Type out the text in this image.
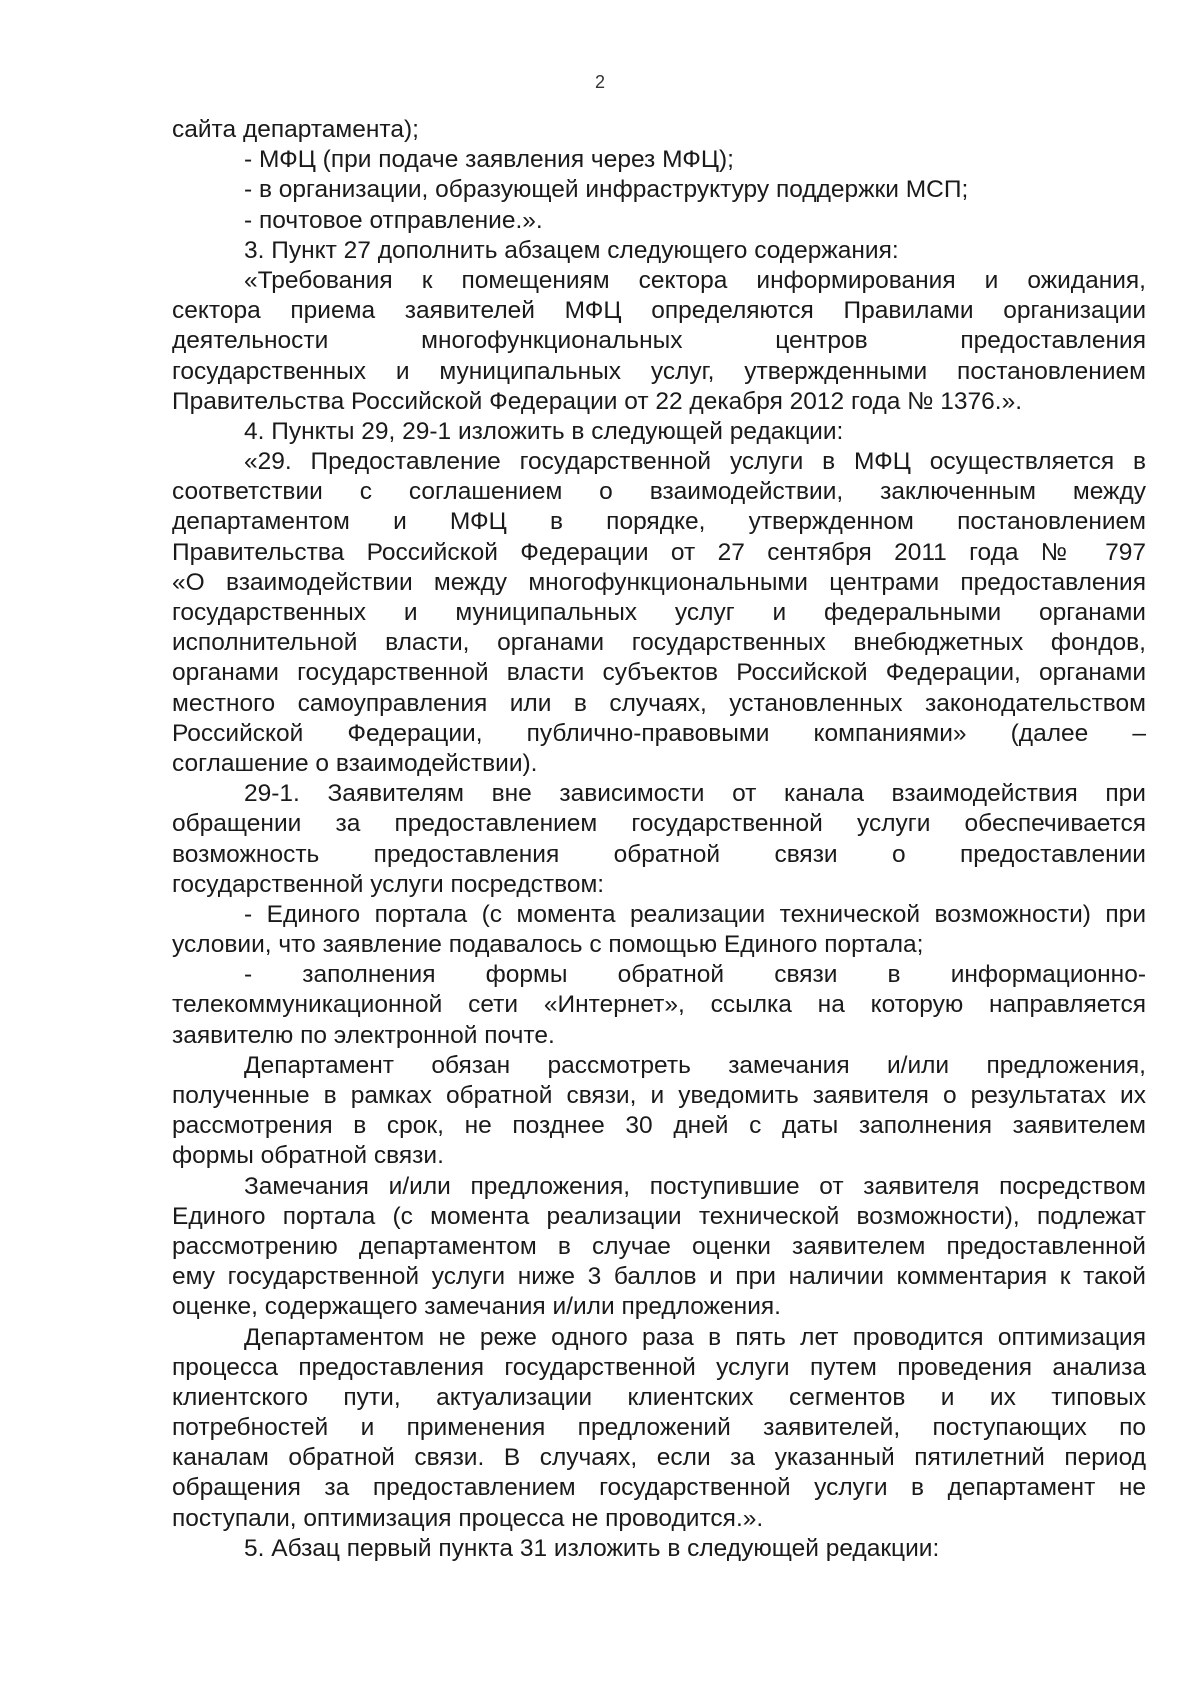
2
сайта департамента);
- МФЦ (при подаче заявления через МФЦ);
- в организации, образующей инфраструктуру поддержки МСП;
- почтовое отправление.».
3. Пункт 27 дополнить абзацем следующего содержания:
«Требования к помещениям сектора информирования и ожидания,
сектора приема заявителей МФЦ определяются Правилами организации
деятельности многофункциональных центров предоставления
государственных и муниципальных услуг, утвержденными постановлением
Правительства Российской Федерации от 22 декабря 2012 года № 1376.».
4. Пункты 29, 29-1 изложить в следующей редакции:
«29. Предоставление государственной услуги в МФЦ осуществляется в
соответствии с соглашением о взаимодействии, заключенным между
департаментом и МФЦ в порядке, утвержденном постановлением
Правительства Российской Федерации от 27 сентября 2011 года № 797
«О взаимодействии между многофункциональными центрами предоставления
государственных и муниципальных услуг и федеральными органами
исполнительной власти, органами государственных внебюджетных фондов,
органами государственной власти субъектов Российской Федерации, органами
местного самоуправления или в случаях, установленных законодательством
Российской Федерации, публично-правовыми компаниями» (далее –
соглашение о взаимодействии).
29-1. Заявителям вне зависимости от канала взаимодействия при
обращении за предоставлением государственной услуги обеспечивается
возможность предоставления обратной связи о предоставлении
государственной услуги посредством:
- Единого портала (с момента реализации технической возможности) при
условии, что заявление подавалось с помощью Единого портала;
- заполнения формы обратной связи в информационно-
телекоммуникационной сети «Интернет», ссылка на которую направляется
заявителю по электронной почте.
Департамент обязан рассмотреть замечания и/или предложения,
полученные в рамках обратной связи, и уведомить заявителя о результатах их
рассмотрения в срок, не позднее 30 дней с даты заполнения заявителем
формы обратной связи.
Замечания и/или предложения, поступившие от заявителя посредством
Единого портала (с момента реализации технической возможности), подлежат
рассмотрению департаментом в случае оценки заявителем предоставленной
ему государственной услуги ниже 3 баллов и при наличии комментария к такой
оценке, содержащего замечания и/или предложения.
Департаментом не реже одного раза в пять лет проводится оптимизация
процесса предоставления государственной услуги путем проведения анализа
клиентского пути, актуализации клиентских сегментов и их типовых
потребностей и применения предложений заявителей, поступающих по
каналам обратной связи. В случаях, если за указанный пятилетний период
обращения за предоставлением государственной услуги в департамент не
поступали, оптимизация процесса не проводится.».
5. Абзац первый пункта 31 изложить в следующей редакции:
